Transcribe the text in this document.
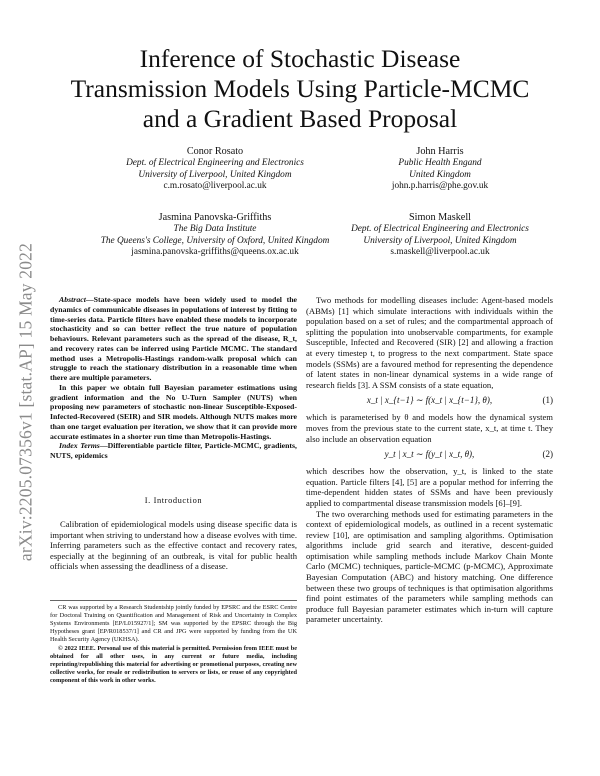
arXiv:2205.07356v1 [stat.AP] 15 May 2022
Inference of Stochastic Disease Transmission Models Using Particle-MCMC and a Gradient Based Proposal
Conor Rosato
Dept. of Electrical Engineering and Electronics
University of Liverpool, United Kingdom
c.m.rosato@liverpool.ac.uk
John Harris
Public Health Engand
United Kingdom
john.p.harris@phe.gov.uk
Jasmina Panovska-Griffiths
The Big Data Institute
The Queens's College, University of Oxford, United Kingdom
jasmina.panovska-griffiths@queens.ox.ac.uk
Simon Maskell
Dept. of Electrical Engineering and Electronics
University of Liverpool, United Kingdom
s.maskell@liverpool.ac.uk

Abstract—State-space models have been widely used to model the dynamics of communicable diseases in populations of interest by fitting to time-series data. Particle filters have enabled these models to incorporate stochasticity and so can better reflect the true nature of population behaviours. Relevant parameters such as the spread of the disease, R_t, and recovery rates can be inferred using Particle MCMC. The standard method uses a Metropolis-Hastings random-walk proposal which can struggle to reach the stationary distribution in a reasonable time when there are multiple parameters.

In this paper we obtain full Bayesian parameter estimations using gradient information and the No U-Turn Sampler (NUTS) when proposing new parameters of stochastic non-linear Susceptible-Exposed-Infected-Recovered (SEIR) and SIR models. Although NUTS makes more than one target evaluation per iteration, we show that it can provide more accurate estimates in a shorter run time than Metropolis-Hastings.

Index Terms—Differentiable particle filter, Particle-MCMC, gradients, NUTS, epidemics

I. Introduction

Calibration of epidemiological models using disease specific data is important when striving to understand how a disease evolves with time. Inferring parameters such as the effective contact and recovery rates, especially at the beginning of an outbreak, is vital for public health officials when assessing the deadliness of a disease.

CR was supported by a Research Studentship jointly funded by EPSRC and the ESRC Centre for Doctoral Training on Quantification and Management of Risk and Uncertainty in Complex Systems Environments [EP/L015927/1]; SM was supported by the EPSRC through the Big Hypotheses grant [EP/R018537/1] and CR and JPG were supported by funding from the UK Health Security Agency (UKHSA).

© 2022 IEEE. Personal use of this material is permitted. Permission from IEEE must be obtained for all other uses, in any current or future media, including reprinting/republishing this material for advertising or promotional purposes, creating new collective works, for resale or redistribution to servers or lists, or reuse of any copyrighted component of this work in other works.

Two methods for modelling diseases include: Agent-based models (ABMs) [1] which simulate interactions with individuals within the population based on a set of rules; and the compartmental approach of splitting the population into unobservable compartments, for example Susceptible, Infected and Recovered (SIR) [2] and allowing a fraction at every timestep t, to progress to the next compartment. State space models (SSMs) are a favoured method for representing the dependence of latent states in non-linear dynamical systems in a wide range of research fields [3]. A SSM consists of a state equation,

x_t | x_{t−1} ∼ f(x_t | x_{t−1}, θ),	(1)

which is parameterised by θ and models how the dynamical system moves from the previous state to the current state, x_t, at time t. They also include an observation equation

y_t | x_t ∼ f(y_t | x_t, θ),	(2)

which describes how the observation, y_t, is linked to the state equation. Particle filters [4], [5] are a popular method for inferring the time-dependent hidden states of SSMs and have been previously applied to compartmental disease transmission models [6]–[9].

The two overarching methods used for estimating parameters in the context of epidemiological models, as outlined in a recent systematic review [10], are optimisation and sampling algorithms. Optimisation algorithms include grid search and iterative, descent-guided optimisation while sampling methods include Markov Chain Monte Carlo (MCMC) techniques, particle-MCMC (p-MCMC), Approximate Bayesian Computation (ABC) and history matching. One difference between these two groups of techniques is that optimisation algorithms find point estimates of the parameters while sampling methods can produce full Bayesian parameter estimates which in-turn will capture parameter uncertainty.
